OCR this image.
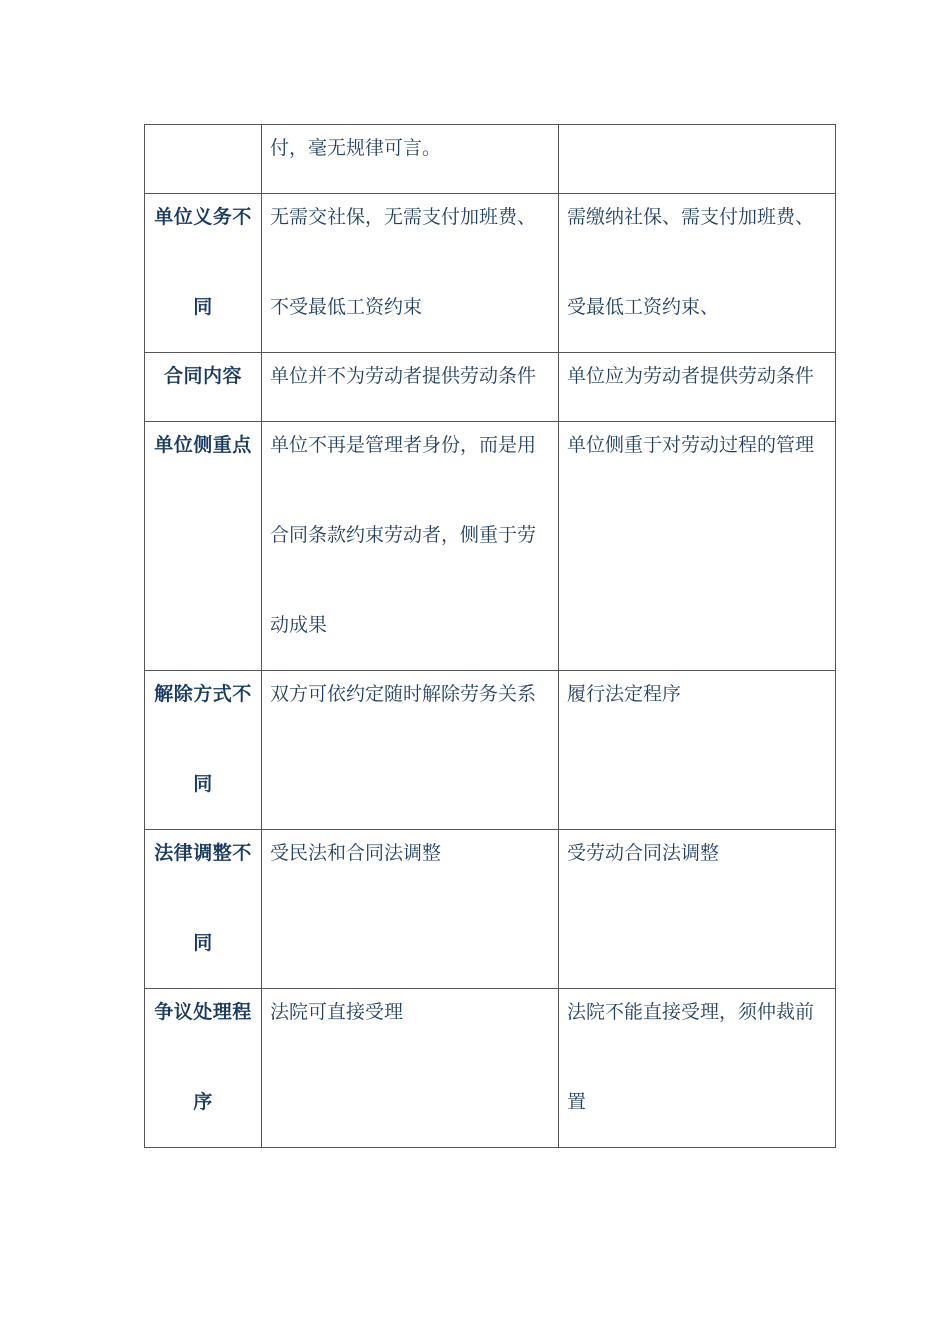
	付，毫无规律可言。	

单位义务不同	无需交社保，无需支付加班费、不受最低工资约束	需缴纳社保、需支付加班费、受最低工资约束、

合同内容	单位并不为劳动者提供劳动条件	单位应为劳动者提供劳动条件

单位侧重点	单位不再是管理者身份，而是用合同条款约束劳动者，侧重于劳动成果	单位侧重于对劳动过程的管理

解除方式不同	双方可依约定随时解除劳务关系	履行法定程序

法律调整不同	受民法和合同法调整	受劳动合同法调整

争议处理程序	法院可直接受理	法院不能直接受理，须仲裁前置
